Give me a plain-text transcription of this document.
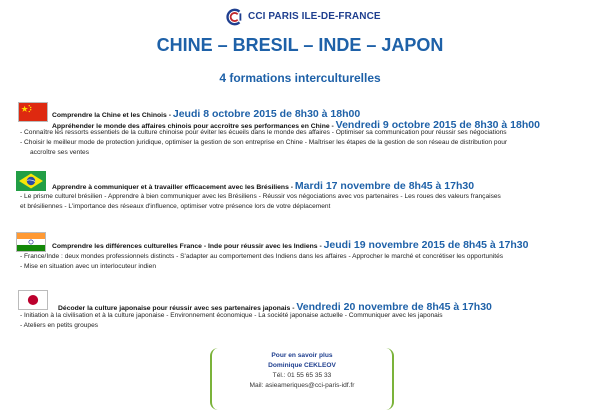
CCI PARIS ILE-DE-FRANCE
CHINE – BRESIL – INDE – JAPON
4 formations interculturelles
Comprendre la Chine et les Chinois - Jeudi 8 octobre 2015 de 8h30 à 18h00
Appréhender le monde des affaires chinois pour accroître ses performances en Chine - Vendredi 9 octobre 2015 de 8h30 à 18h00
- Connaître les ressorts essentiels de la culture chinoise pour éviter les écueils dans le monde des affaires - Optimiser sa communication pour réussir ses négociations
- Choisir le meilleur mode de protection juridique, optimiser la gestion de son entreprise en Chine - Maîtriser les étapes de la gestion de son réseau de distribution pour
accroître ses ventes
Apprendre à communiquer et à travailler efficacement avec les Brésiliens - Mardi 17 novembre de 8h45 à 17h30
- Le prisme culturel brésilien - Apprendre à bien communiquer avec les Brésiliens - Réussir vos négociations avec vos partenaires - Les roues des valeurs françaises
et brésiliennes - L'importance des réseaux d'influence, optimiser votre présence lors de votre déplacement
Comprendre les différences culturelles France - Inde pour réussir avec les Indiens - Jeudi 19 novembre 2015 de 8h45 à 17h30
- France/Inde : deux mondes professionnels distincts - S'adapter au comportement des Indiens dans les affaires - Approcher le marché et concrétiser les opportunités
- Mise en situation avec un interlocuteur indien
Décoder la culture japonaise pour réussir avec ses partenaires japonais - Vendredi 20 novembre de 8h45 à 17h30
- Initiation à la civilisation et à la culture japonaise - Environnement économique - La société japonaise actuelle - Communiquer avec les japonais
- Ateliers en petits groupes
Pour en savoir plus
Dominique CEKLEOV
Tél.: 01 55 65 35 33
Mail: asieameriques@cci-paris-idf.fr
